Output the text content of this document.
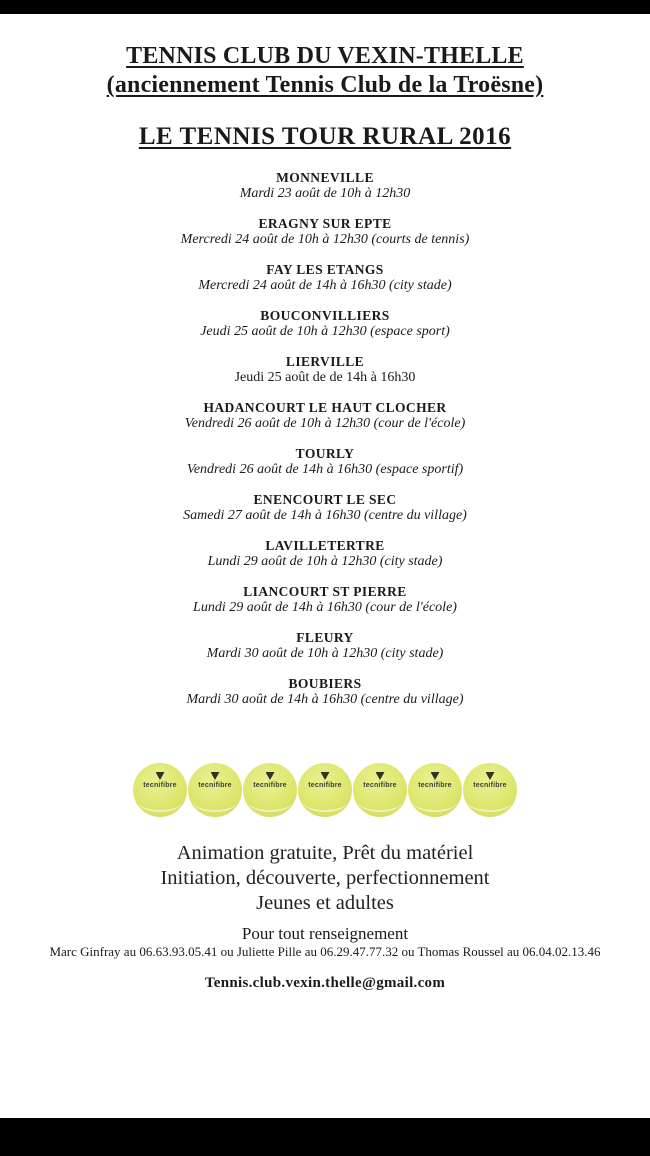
TENNIS CLUB DU VEXIN-THELLE
(anciennement Tennis Club de la Troësne)
LE TENNIS TOUR RURAL 2016
MONNEVILLE
Mardi 23 août de 10h à 12h30
ERAGNY SUR EPTE
Mercredi 24 août de 10h à 12h30 (courts de tennis)
FAY LES ETANGS
Mercredi 24 août de 14h à 16h30 (city stade)
BOUCONVILLIERS
Jeudi 25 août de 10h à 12h30 (espace sport)
LIERVILLE
Jeudi 25 août de de 14h à 16h30
HADANCOURT LE HAUT CLOCHER
Vendredi 26 août de 10h à 12h30 (cour de l'école)
TOURLY
Vendredi 26 août de 14h à 16h30 (espace sportif)
ENENCOURT LE SEC
Samedi 27 août de 14h à 16h30 (centre du village)
LAVILLETERTRE
Lundi 29 août de 10h à 12h30 (city stade)
LIANCOURT ST PIERRE
Lundi 29 août de 14h à 16h30 (cour de l'école)
FLEURY
Mardi 30 août de 10h à 12h30 (city stade)
BOUBIERS
Mardi 30 août de 14h à 16h30 (centre du village)
tecnifibre	tecnifibre	tecnifibre	tecnifibre	tecnifibre	tecnifibre	tecnifibre
Animation gratuite, Prêt du matériel
Initiation, découverte, perfectionnement
Jeunes et adultes
Pour tout renseignement
Marc Ginfray au 06.63.93.05.41 ou Juliette Pille au 06.29.47.77.32 ou Thomas Roussel au 06.04.02.13.46
Tennis.club.vexin.thelle@gmail.com
